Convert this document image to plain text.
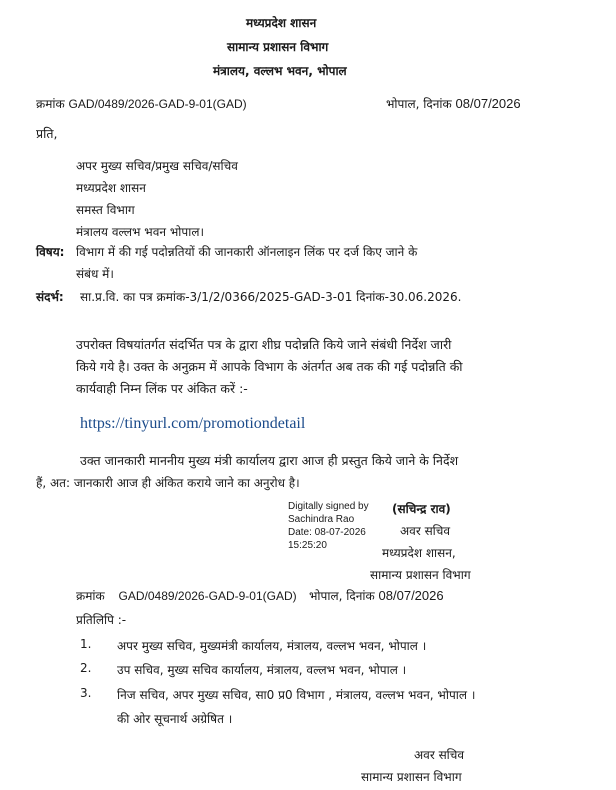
मध्यप्रदेश शासन
सामान्य प्रशासन विभाग
मंत्रालय, वल्लभ भवन, भोपाल
क्रमांक GAD/0489/2026-GAD-9-01(GAD)	भोपाल, दिनांक 08/07/2026
प्रति,
अपर मुख्य सचिव/प्रमुख सचिव/सचिव
मध्यप्रदेश शासन
समस्त विभाग
मंत्रालय वल्लभ भवन भोपाल।
विषय: विभाग में की गई पदोन्नतियों की जानकारी ऑनलाइन लिंक पर दर्ज किए जाने के
संबंध में।
संदर्भ: सा.प्र.वि. का पत्र क्रमांक-3/1/2/0366/2025-GAD-3-01 दिनांक-30.06.2026.
उपरोक्त विषयांतर्गत संदर्भित पत्र के द्वारा शीघ्र पदोन्नति किये जाने संबंधी निर्देश जारी
किये गये है। उक्त के अनुक्रम में आपके विभाग के अंतर्गत अब तक की गई पदोन्नति की
कार्यवाही निम्न लिंक पर अंकित करें :-
https://tinyurl.com/promotiondetail
उक्त जानकारी माननीय मुख्य मंत्री कार्यालय द्वारा आज ही प्रस्तुत किये जाने के निर्देश
हैं, अत: जानकारी आज ही अंकित कराये जाने का अनुरोध है।
Digitally signed by
Sachindra Rao
Date: 08-07-2026
15:25:20
(सचिन्द्र राव)
अवर सचिव
मध्यप्रदेश शासन,
सामान्य प्रशासन विभाग
क्रमांक GAD/0489/2026-GAD-9-01(GAD) भोपाल, दिनांक 08/07/2026
प्रतिलिपि :-
1. अपर मुख्य सचिव, मुख्यमंत्री कार्यालय, मंत्रालय, वल्लभ भवन, भोपाल ।
2. उप सचिव, मुख्य सचिव कार्यालय, मंत्रालय, वल्लभ भवन, भोपाल ।
3. निज सचिव, अपर मुख्य सचिव, सा0 प्र0 विभाग , मंत्रालय, वल्लभ भवन, भोपाल ।
की ओर सूचनार्थ अग्रेषित ।
अवर सचिव
सामान्य प्रशासन विभाग
